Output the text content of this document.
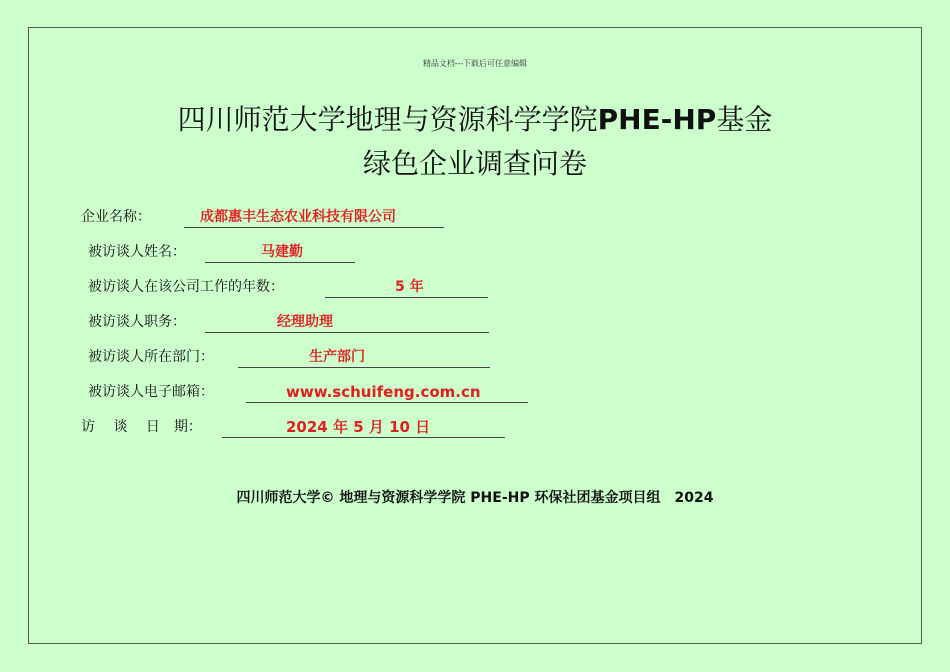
精品文档---下载后可任意编辑
四川师范大学地理与资源科学学院PHE-HP基金
绿色企业调查问卷
企业名称：	成都惠丰生态农业科技有限公司
被访谈人姓名：	马建勤
被访谈人在该公司工作的年数：	5 年
被访谈人职务：	经理助理
被访谈人所在部门：	生产部门
被访谈人电子邮箱：	www.schuifeng.com.cn
访　 谈　 日　期：	2024 年 5 月 10 日
四川师范大学© 地理与资源科学学院 PHE-HP 环保社团基金项目组　2024
